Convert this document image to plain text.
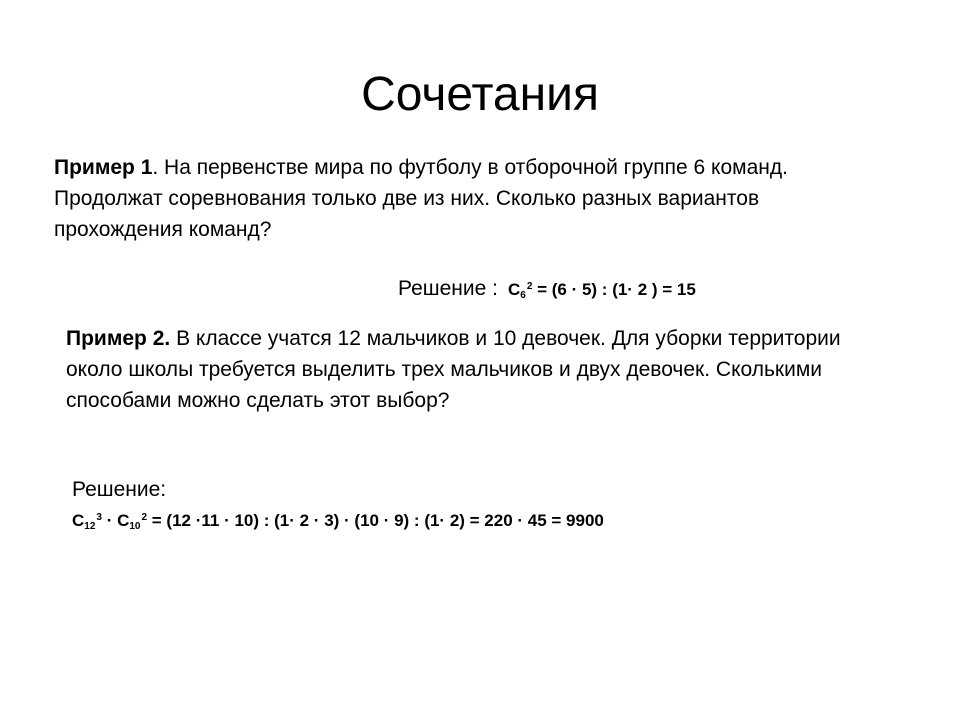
Сочетания

Пример 1. На первенстве мира по футболу в отборочной группе 6 команд. Продолжат соревнования только две из них. Сколько разных вариантов прохождения команд?

Решение : $C_6^2 = (6 \cdot 5)$ : (1· 2 ) = 15

Пример 2. В классе учатся 12 мальчиков и 10 девочек. Для уборки территории около школы требуется выделить трех мальчиков и двух девочек. Сколькими способами можно сделать этот выбор?

Решение:

$C_{12}^3 \cdot C_{10}^2 = (12 \cdot 11 \cdot 10)$ : (1· 2 · 3) · (10 · 9) : (1· 2) = 220 · 45 = 9900
